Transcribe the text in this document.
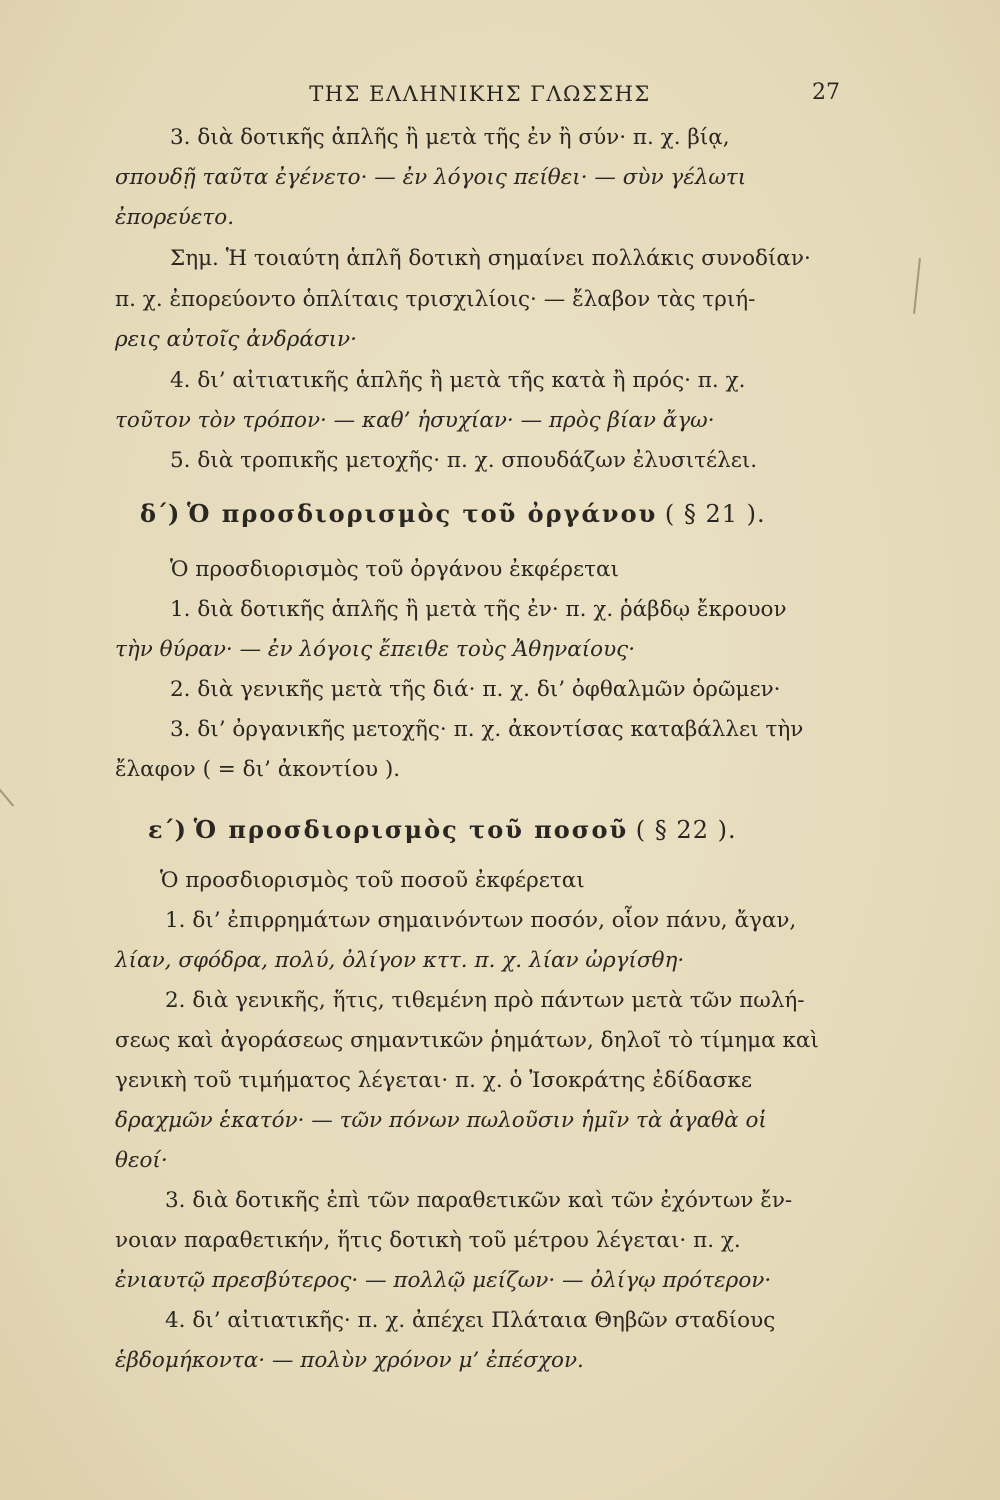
ΤΗΣ ΕΛΛΗΝΙΚΗΣ ΓΛΩΣΣΗΣ	27
3. διὰ δοτικῆς ἁπλῆς ἢ μετὰ τῆς ἐν ἢ σύν· π. χ. βίᾳ,
σπουδῇ ταῦτα ἐγένετο· — ἐν λόγοις πείθει· — σὺν γέλωτι
ἐπορεύετο.
Σημ. Ἡ τοιαύτη ἁπλῆ δοτικὴ σημαίνει πολλάκις συνοδίαν·
π. χ. ἐπορεύοντο ὁπλίταις τρισχιλίοις· — ἔλαβον τὰς τριή-
ρεις αὐτοῖς ἀνδράσιν·
4. δι’ αἰτιατικῆς ἁπλῆς ἢ μετὰ τῆς κατὰ ἢ πρός· π. χ.
τοῦτον τὸν τρόπον· — καθ’ ἡσυχίαν· — πρὸς βίαν ἄγω·
5. διὰ τροπικῆς μετοχῆς· π. χ. σπουδάζων ἐλυσιτέλει.
δ΄) Ὁ προσδιορισμὸς τοῦ ὀργάνου ( § 21 ).
Ὁ προσδιορισμὸς τοῦ ὀργάνου ἐκφέρεται
1. διὰ δοτικῆς ἁπλῆς ἢ μετὰ τῆς ἐν· π. χ. ῥάβδῳ ἔκρουον
τὴν θύραν· — ἐν λόγοις ἔπειθε τοὺς Ἀθηναίους·
2. διὰ γενικῆς μετὰ τῆς διά· π. χ. δι’ ὀφθαλμῶν ὁρῶμεν·
3. δι’ ὀργανικῆς μετοχῆς· π. χ. ἀκοντίσας καταβάλλει τὴν
ἔλαφον ( = δι’ ἀκοντίου ).
ε΄) Ὁ προσδιορισμὸς τοῦ ποσοῦ ( § 22 ).
Ὁ προσδιορισμὸς τοῦ ποσοῦ ἐκφέρεται
1. δι’ ἐπιρρημάτων σημαινόντων ποσόν, οἷον πάνυ, ἄγαν,
λίαν, σφόδρα, πολύ, ὀλίγον κττ. π. χ. λίαν ὠργίσθη·
2. διὰ γενικῆς, ἥτις, τιθεμένη πρὸ πάντων μετὰ τῶν πωλή-
σεως καὶ ἀγοράσεως σημαντικῶν ῥημάτων, δηλοῖ τὸ τίμημα καὶ
γενικὴ τοῦ τιμήματος λέγεται· π. χ. ὁ Ἰσοκράτης ἐδίδασκε
δραχμῶν ἑκατόν· — τῶν πόνων πωλοῦσιν ἡμῖν τὰ ἀγαθὰ οἱ
θεοί·
3. διὰ δοτικῆς ἐπὶ τῶν παραθετικῶν καὶ τῶν ἐχόντων ἔν-
νοιαν παραθετικήν, ἥτις δοτικὴ τοῦ μέτρου λέγεται· π. χ.
ἐνιαυτῷ πρεσβύτερος· — πολλῷ μείζων· — ὀλίγῳ πρότερον·
4. δι’ αἰτιατικῆς· π. χ. ἀπέχει Πλάταια Θηβῶν σταδίους
ἑβδομήκοντα· — πολὺν χρόνον μ’ ἐπέσχον.
